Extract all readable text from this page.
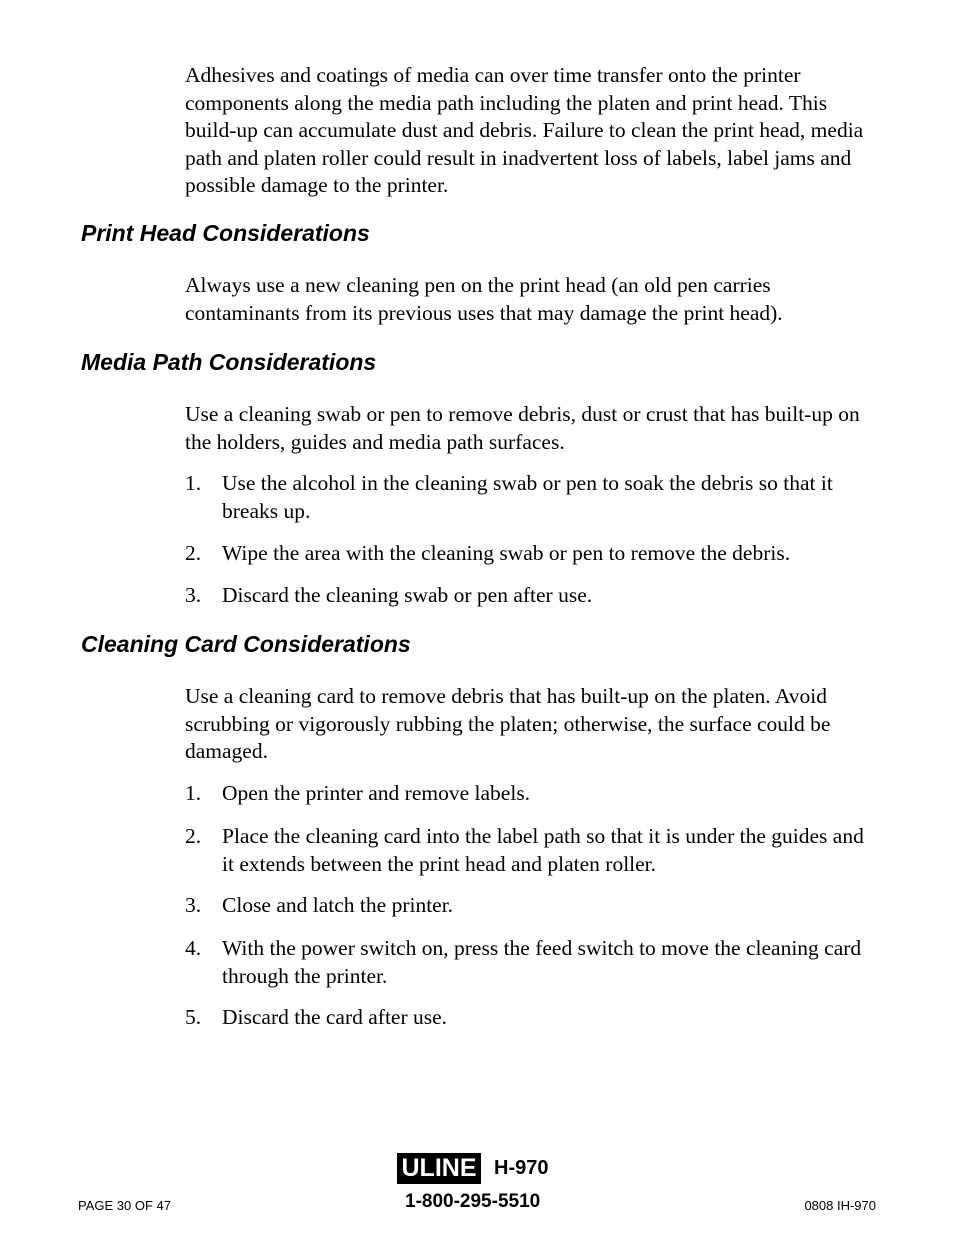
Adhesives and coatings of media can over time transfer onto the printer components along the media path including the platen and print head. This build-up can accumulate dust and debris. Failure to clean the print head, media path and platen roller could result in inadvertent loss of labels, label jams and possible damage to the printer.

Print Head Considerations

Always use a new cleaning pen on the print head (an old pen carries contaminants from its previous uses that may damage the print head).

Media Path Considerations

Use a cleaning swab or pen to remove debris, dust or crust that has built-up on the holders, guides and media path surfaces.

1. Use the alcohol in the cleaning swab or pen to soak the debris so that it breaks up.
2. Wipe the area with the cleaning swab or pen to remove the debris.
3. Discard the cleaning swab or pen after use.
Cleaning Card Considerations

Use a cleaning card to remove debris that has built-up on the platen. Avoid scrubbing or vigorously rubbing the platen; otherwise, the surface could be damaged.

1. Open the printer and remove labels.
2. Place the cleaning card into the label path so that it is under the guides and it extends between the print head and platen roller.
3. Close and latch the printer.
4. With the power switch on, press the feed switch to move the cleaning card through the printer.
5. Discard the card after use.
ULINE H-970
1-800-295-5510
PAGE 30 OF 47	0808 IH-970
